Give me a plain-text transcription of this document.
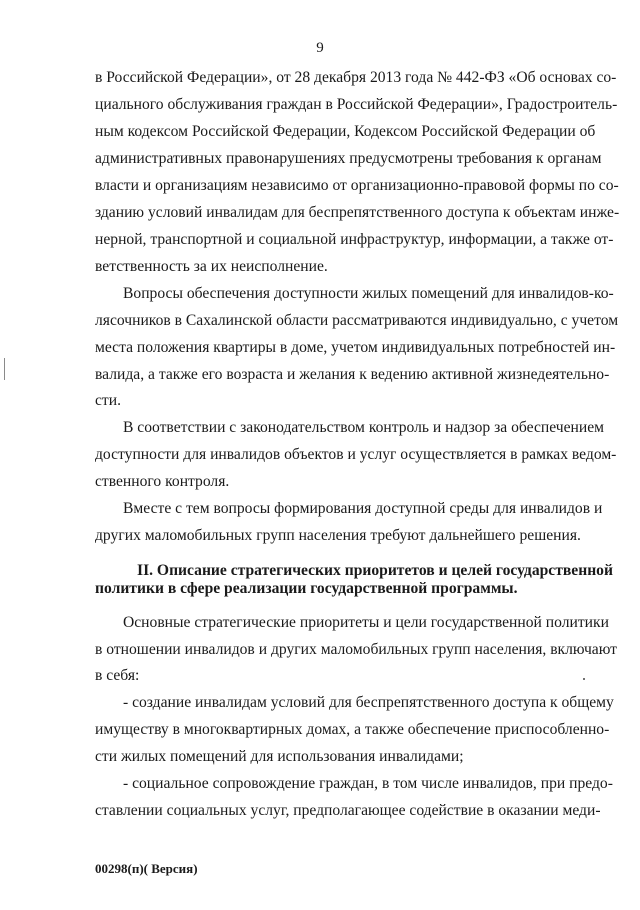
9
в Российской Федерации», от 28 декабря 2013 года № 442-ФЗ «Об основах со-
циального обслуживания граждан в Российской Федерации», Градостроитель-
ным кодексом Российской Федерации, Кодексом Российской Федерации об
административных правонарушениях предусмотрены требования к органам
власти и организациям независимо от организационно-правовой формы по со-
зданию условий инвалидам для беспрепятственного доступа к объектам инже-
нерной, транспортной и социальной инфраструктур, информации, а также от-
ветственность за их неисполнение.
Вопросы обеспечения доступности жилых помещений для инвалидов-ко-
лясочников в Сахалинской области рассматриваются индивидуально, с учетом
места положения квартиры в доме, учетом индивидуальных потребностей ин-
валида, а также его возраста и желания к ведению активной жизнедеятельно-
сти.
В соответствии с законодательством контроль и надзор за обеспечением
доступности для инвалидов объектов и услуг осуществляется в рамках ведом-
ственного контроля.
Вместе с тем вопросы формирования доступной среды для инвалидов и
других маломобильных групп населения требуют дальнейшего решения.
II. Описание стратегических приоритетов и целей государственной
политики в сфере реализации государственной программы.
Основные стратегические приоритеты и цели государственной политики
в отношении инвалидов и других маломобильных групп населения, включают
в себя:
- создание инвалидам условий для беспрепятственного доступа к общему
имуществу в многоквартирных домах, а также обеспечение приспособленно-
сти жилых помещений для использования инвалидами;
- социальное сопровождение граждан, в том числе инвалидов, при предо-
ставлении социальных услуг, предполагающее содействие в оказании меди-
00298(п)( Версия)
